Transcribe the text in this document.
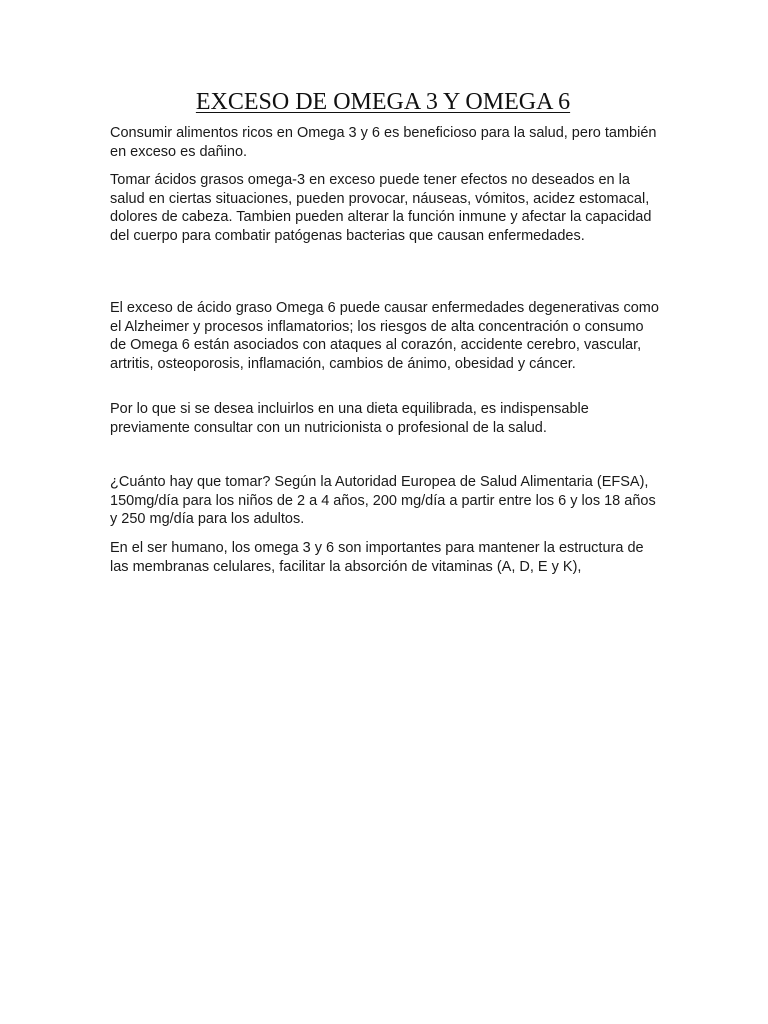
EXCESO DE OMEGA 3 Y OMEGA 6

Consumir alimentos ricos en Omega 3 y 6 es beneficioso para la salud, pero también en exceso es dañino.

Tomar ácidos grasos omega-3 en exceso puede tener efectos no deseados en la salud en ciertas situaciones, pueden provocar, náuseas, vómitos, acidez estomacal, dolores de cabeza. Tambien pueden alterar la función inmune y afectar la capacidad del cuerpo para combatir patógenas bacterias que causan enfermedades.

El exceso de ácido graso Omega 6 puede causar enfermedades degenerativas como el Alzheimer y procesos inflamatorios; los riesgos de alta concentración o consumo de Omega 6 están asociados con ataques al corazón, accidente cerebro, vascular, artritis, osteoporosis, inflamación, cambios de ánimo, obesidad y cáncer.

Por lo que si se desea incluirlos en una dieta equilibrada, es indispensable previamente consultar con un nutricionista o profesional de la salud.

¿Cuánto hay que tomar? Según la Autoridad Europea de Salud Alimentaria (EFSA), 150mg/día para los niños de 2 a 4 años, 200 mg/día a partir entre los 6 y los 18 años y 250 mg/día para los adultos.

En el ser humano, los omega 3 y 6 son importantes para mantener la estructura de las membranas celulares, facilitar la absorción de vitaminas (A, D, E y K),
